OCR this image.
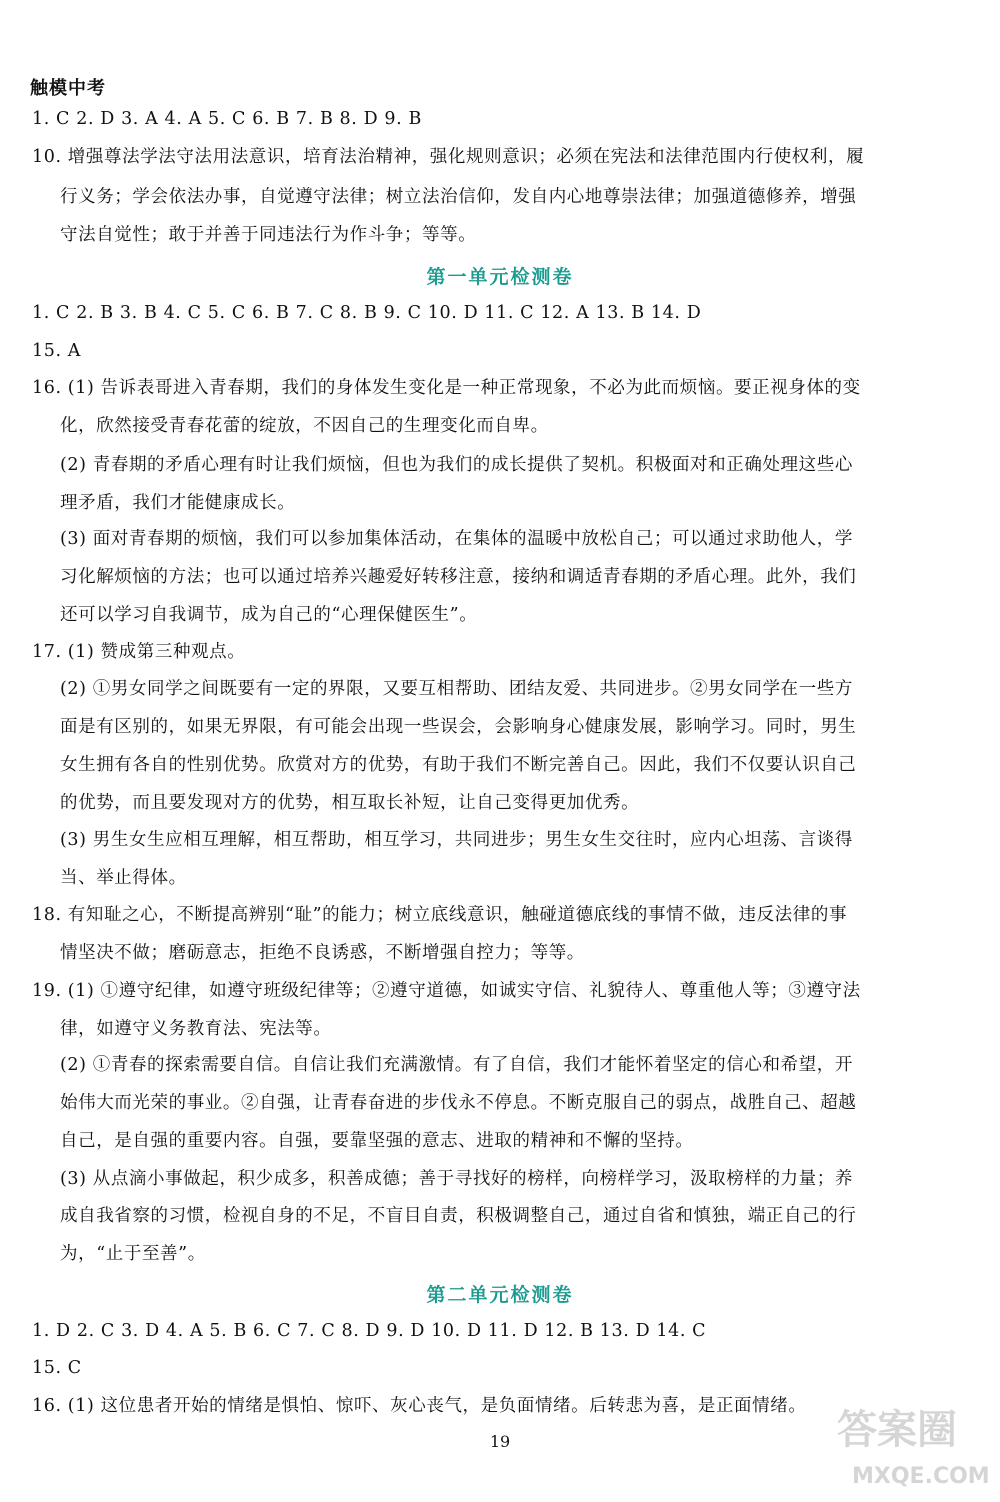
触模中考
1. C 2. D 3. A 4. A 5. C 6. B 7. B 8. D 9. B
10. 增强尊法学法守法用法意识，培育法治精神，强化规则意识；必须在宪法和法律范围内行使权利，履
行义务；学会依法办事，自觉遵守法律；树立法治信仰，发自内心地尊崇法律；加强道德修养，增强
守法自觉性；敢于并善于同违法行为作斗争；等等。
第一单元检测卷
1. C 2. B 3. B 4. C 5. C 6. B 7. C 8. B 9. C 10. D 11. C 12. A 13. B 14. D
15. A
16. (1) 告诉表哥进入青春期，我们的身体发生变化是一种正常现象，不必为此而烦恼。要正视身体的变
化，欣然接受青春花蕾的绽放，不因自己的生理变化而自卑。
(2) 青春期的矛盾心理有时让我们烦恼，但也为我们的成长提供了契机。积极面对和正确处理这些心
理矛盾，我们才能健康成长。
(3) 面对青春期的烦恼，我们可以参加集体活动，在集体的温暖中放松自己；可以通过求助他人，学
习化解烦恼的方法；也可以通过培养兴趣爱好转移注意，接纳和调适青春期的矛盾心理。此外，我们
还可以学习自我调节，成为自己的“心理保健医生”。
17. (1) 赞成第三种观点。
(2) ①男女同学之间既要有一定的界限，又要互相帮助、团结友爱、共同进步。②男女同学在一些方
面是有区别的，如果无界限，有可能会出现一些误会，会影响身心健康发展，影响学习。同时，男生
女生拥有各自的性别优势。欣赏对方的优势，有助于我们不断完善自己。因此，我们不仅要认识自己
的优势，而且要发现对方的优势，相互取长补短，让自己变得更加优秀。
(3) 男生女生应相互理解，相互帮助，相互学习，共同进步；男生女生交往时，应内心坦荡、言谈得
当、举止得体。
18. 有知耻之心，不断提高辨别“耻”的能力；树立底线意识，触碰道德底线的事情不做，违反法律的事
情坚决不做；磨砺意志，拒绝不良诱惑，不断增强自控力；等等。
19. (1) ①遵守纪律，如遵守班级纪律等；②遵守道德，如诚实守信、礼貌待人、尊重他人等；③遵守法
律，如遵守义务教育法、宪法等。
(2) ①青春的探索需要自信。自信让我们充满激情。有了自信，我们才能怀着坚定的信心和希望，开
始伟大而光荣的事业。②自强，让青春奋进的步伐永不停息。不断克服自己的弱点，战胜自己、超越
自己，是自强的重要内容。自强，要靠坚强的意志、进取的精神和不懈的坚持。
(3) 从点滴小事做起，积少成多，积善成德；善于寻找好的榜样，向榜样学习，汲取榜样的力量；养
成自我省察的习惯，检视自身的不足，不盲目自责，积极调整自己，通过自省和慎独，端正自己的行
为，“止于至善”。
第二单元检测卷
1. D 2. C 3. D 4. A 5. B 6. C 7. C 8. D 9. D 10. D 11. D 12. B 13. D 14. C
15. C
16. (1) 这位患者开始的情绪是惧怕、惊吓、灰心丧气，是负面情绪。后转悲为喜，是正面情绪。
19	答案圈
MXQE.COM
